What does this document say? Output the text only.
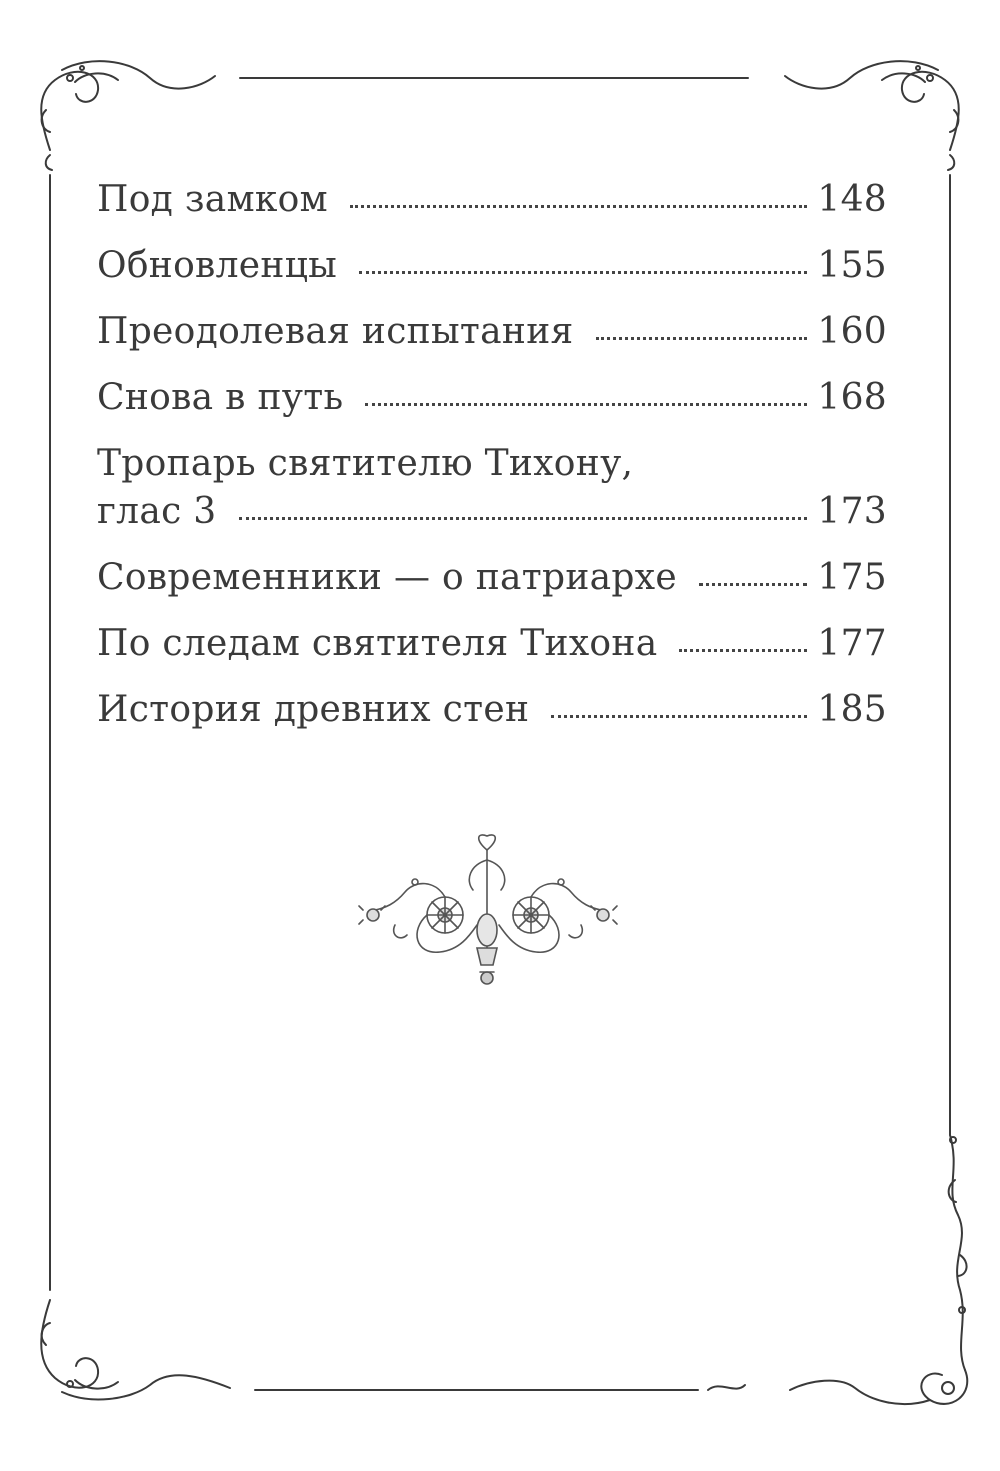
Под замком	148
Обновленцы	155
Преодолевая испытания	160
Снова в путь	168
Тропарь святителю Тихону,
глас 3	173
Современники — о патриархе	175
По следам святителя Тихона	177
История древних стен	185
